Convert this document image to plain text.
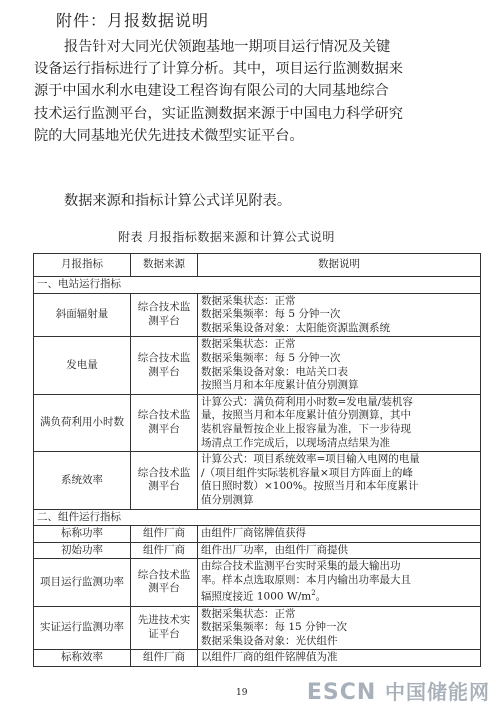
附件：月报数据说明
报告针对大同光伏领跑基地一期项目运行情况及关键
设备运行指标进行了计算分析。其中，项目运行监测数据来
源于中国水利水电建设工程咨询有限公司的大同基地综合
技术运行监测平台，实证监测数据来源于中国电力科学研究
院的大同基地光伏先进技术微型实证平台。
数据来源和指标计算公式详见附表。
附表 月报指标数据来源和计算公式说明
月报指标	数据来源	数据说明
一、电站运行指标		
斜面辐射量	综合技术监测平台	数据采集状态：正常
数据采集频率：每 5 分钟一次
数据采集设备对象：太阳能资源监测系统

发电量	综合技术监测平台	数据采集状态：正常
数据采集频率：每 5 分钟一次
数据采集设备对象：电站关口表
按照当月和本年度累计值分别测算

满负荷利用小时数	综合技术监测平台	计算公式：满负荷利用小时数=发电量/装机容
量，按照当月和本年度累计值分别测算，其中
装机容量暂按企业上报容量为准，下一步待现
场清点工作完成后，以现场清点结果为准

系统效率	综合技术监测平台	计算公式：项目系统效率=项目输入电网的电量
/（项目组件实际装机容量×项目方阵面上的峰
值日照时数）×100%。按照当月和本年度累计
值分别测算

二、组件运行指标		
标称功率	组件厂商	由组件厂商铭牌值获得

初始功率	组件厂商	组件出厂功率，由组件厂商提供

项目运行监测功率	综合技术监测平台	由综合技术监测平台实时采集的最大输出功
率。样本点选取原则：本月内输出功率最大且
辐照度接近 1000 $W/m^2$。

实证运行监测功率	先进技术实证平台	数据采集状态：正常
数据采集频率：每 15 分钟一次
数据采集设备对象：光伏组件

标称效率	组件厂商	以组件厂商的组件铭牌值为准
19	ESCN 中国储能网
